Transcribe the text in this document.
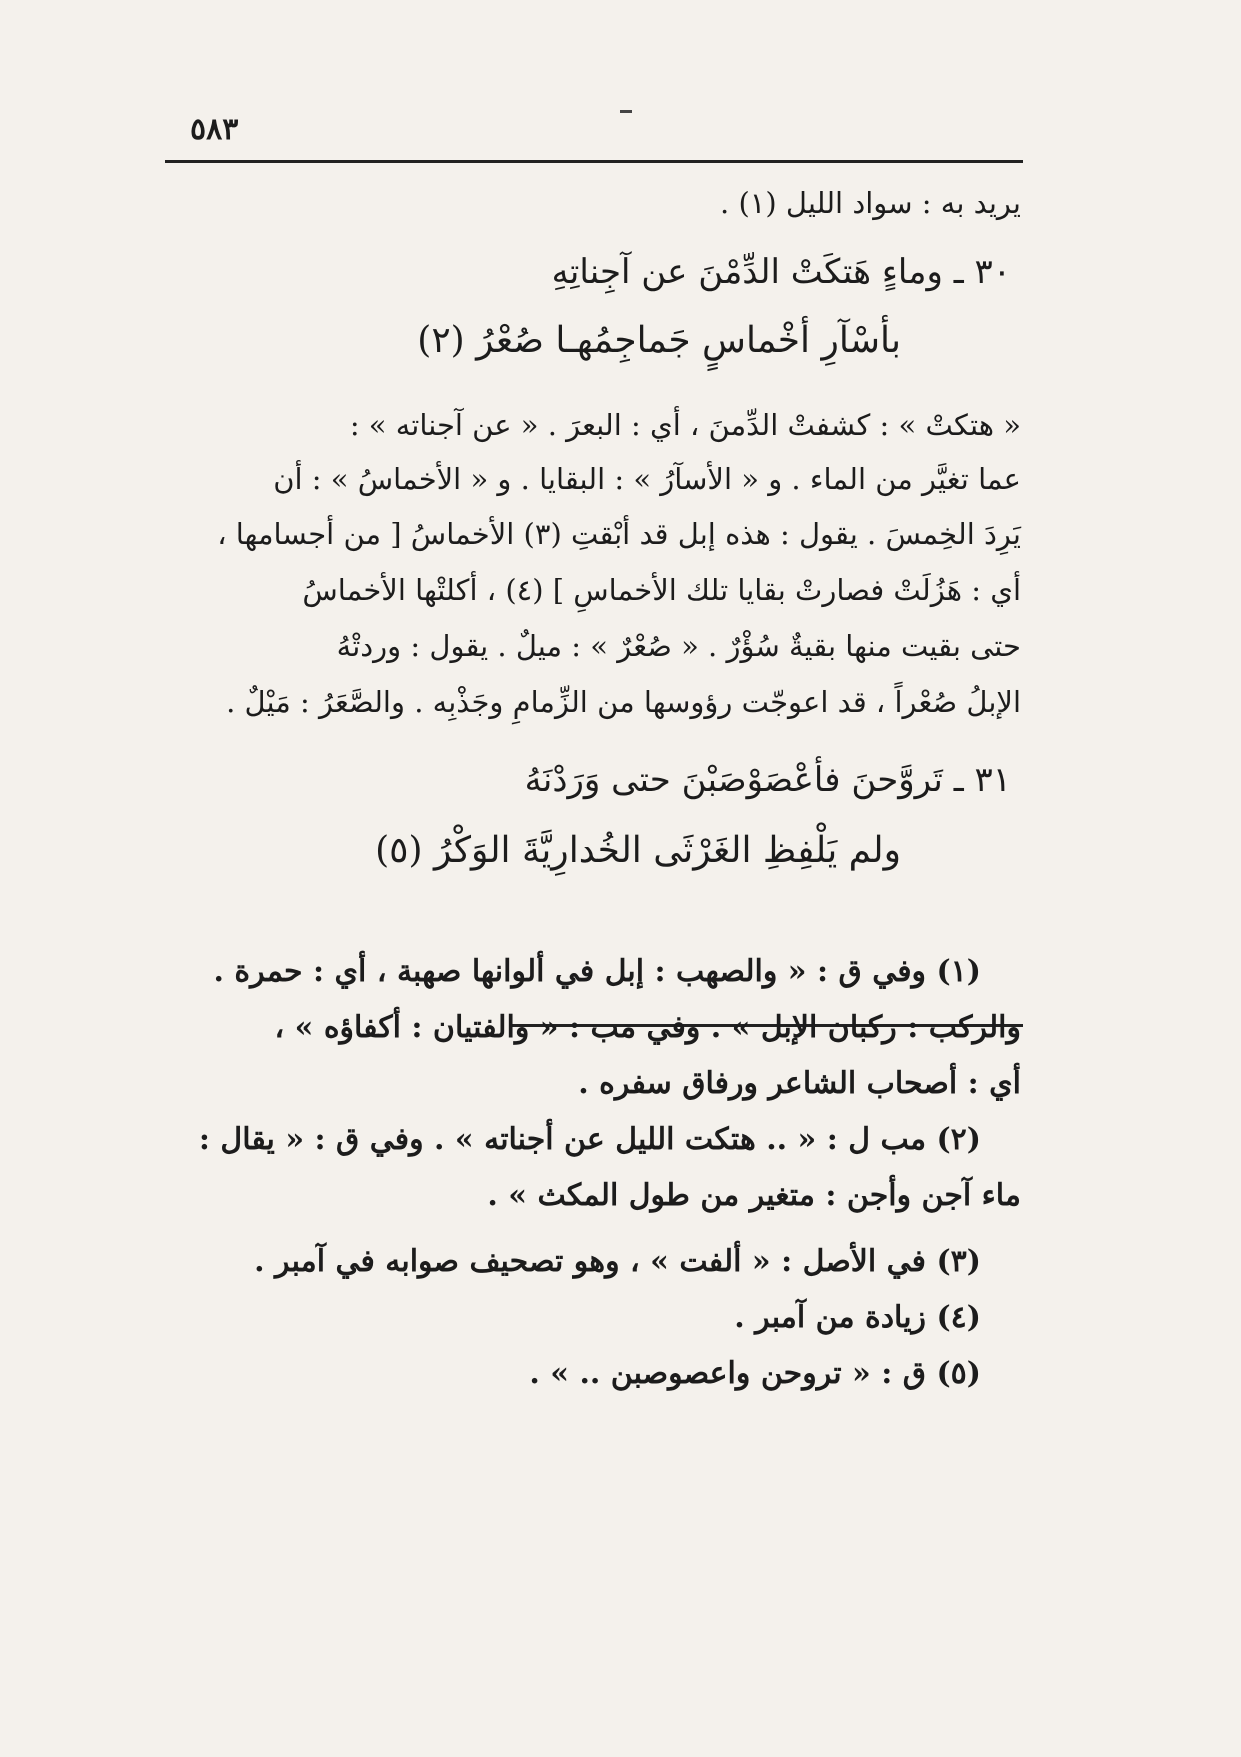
٥٨٣
يريد به : سواد الليل (١) .
٣٠ ـ وماءٍ هَتكَتْ الدِّمْنَ عن آجِناتِهِ
بأسْآرِ أخْماسٍ جَماجِمُهـا صُعْرُ (٢)
« هتكتْ » : كشفتْ الدِّمنَ ، أي : البعرَ . « عن آجناته » :
عما تغيَّر من الماء . و « الأسآرُ » : البقايا . و « الأخماسُ » : أن
يَرِدَ الخِمسَ . يقول : هذه إبل قد أبْقتِ (٣) الأخماسُ [ من أجسامها ،
أي : هَزُلَتْ فصارتْ بقايا تلك الأخماسِ ] (٤) ، أكلتْها الأخماسُ
حتى بقيت منها بقيةٌ سُؤْرٌ . « صُعْرٌ » : ميلٌ . يقول : وردتْهُ
الإبلُ صُعْراً ، قد اعوجّت رؤوسها من الزِّمامِ وجَذْبِه . والصَّعَرُ : مَيْلٌ .
٣١ ـ تَروَّحنَ فأعْصَوْصَبْنَ حتى وَرَدْنَهُ
ولم يَلْفِظِ الغَرْثَى الخُدارِيَّةَ الوَكْرُ (٥)
(١) وفي ق : « والصهب : إبل في ألوانها صهبة ، أي : حمرة .
والركب : ركبان الإبل » . وفي مب : « والفتيان : أكفاؤه » ،
أي : أصحاب الشاعر ورفاق سفره .
(٢) مب ل : « .. هتكت الليل عن أجناته » . وفي ق : « يقال :
ماء آجن وأجن : متغير من طول المكث » .
(٣) في الأصل : « ألفت » ، وهو تصحيف صوابه في آمبر .
(٤) زيادة من آمبر .
(٥) ق : « تروحن واعصوصبن .. » .
